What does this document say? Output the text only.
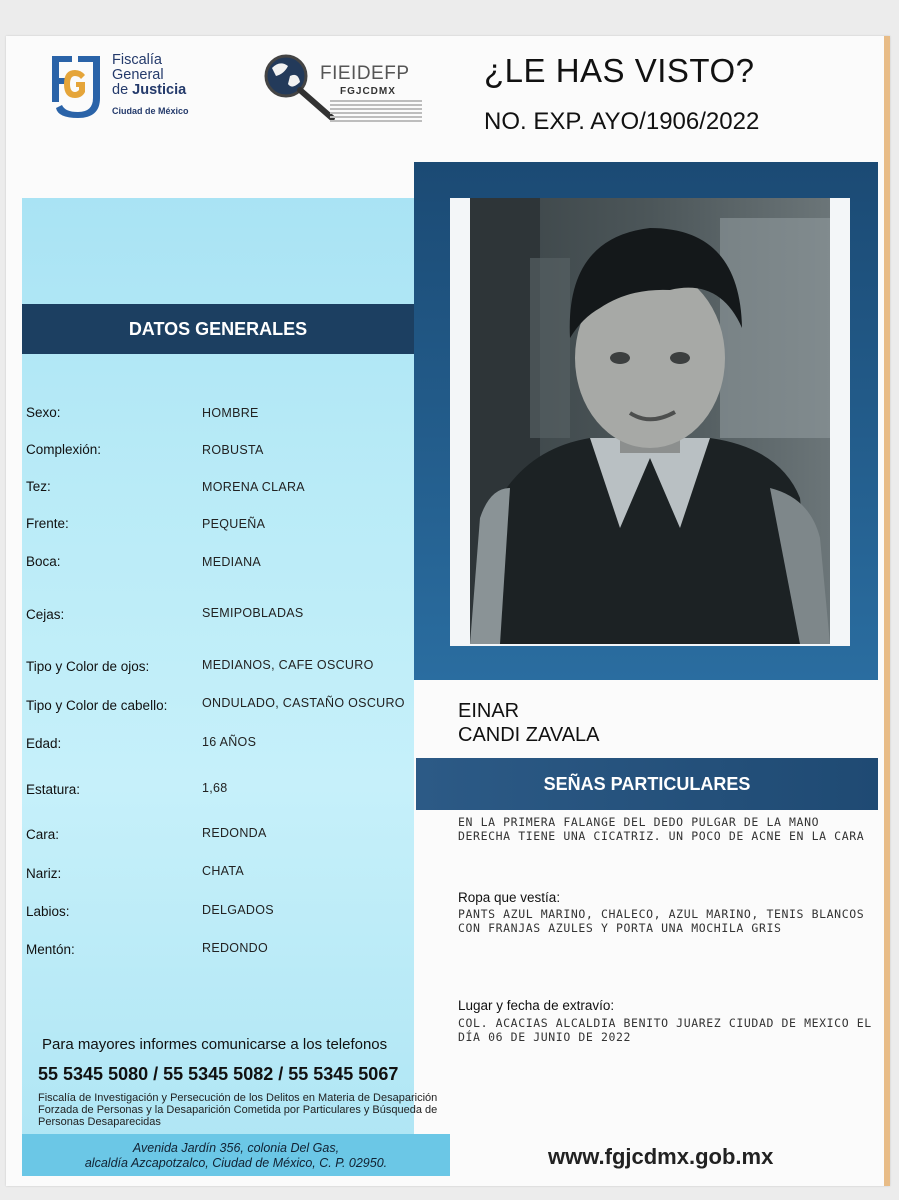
Fiscalía
General
de Justicia
Ciudad de México
FIEIDEFP
FGJCDMX
¿LE HAS VISTO?
NO. EXP. AYO/1906/2022
DATOS GENERALES
Sexo:	HOMBRE
Complexión:	ROBUSTA
Tez:	MORENA CLARA
Frente:	PEQUEÑA
Boca:	MEDIANA
Cejas:	SEMIPOBLADAS
Tipo y Color de ojos:	MEDIANOS, CAFE OSCURO
Tipo y Color de cabello:	ONDULADO, CASTAÑO OSCURO
Edad:	16 AÑOS
Estatura:	1,68
Cara:	REDONDA
Nariz:	CHATA
Labios:	DELGADOS
Mentón:	REDONDO
Para mayores informes comunicarse a los telefonos
55 5345 5080 / 55 5345 5082 / 55 5345 5067
Fiscalía de Investigación y Persecución de los Delitos en Materia de Desaparición Forzada de Personas y la Desaparición Cometida por Particulares y Búsqueda de Personas Desaparecidas
Avenida Jardín 356, colonia Del Gas,
alcaldía Azcapotzalco, Ciudad de México, C. P. 02950.
EINAR
CANDI ZAVALA
SEÑAS PARTICULARES
EN LA PRIMERA FALANGE DEL DEDO PULGAR DE LA MANO DERECHA TIENE UNA CICATRIZ. UN POCO DE ACNE EN LA CARA
Ropa que vestía:
PANTS AZUL MARINO, CHALECO, AZUL MARINO, TENIS BLANCOS CON FRANJAS AZULES Y PORTA UNA MOCHILA GRIS
Lugar y fecha de extravío:
COL. ACACIAS ALCALDIA BENITO JUAREZ CIUDAD DE MEXICO EL DÍA 06 DE JUNIO DE 2022
www.fgjcdmx.gob.mx
